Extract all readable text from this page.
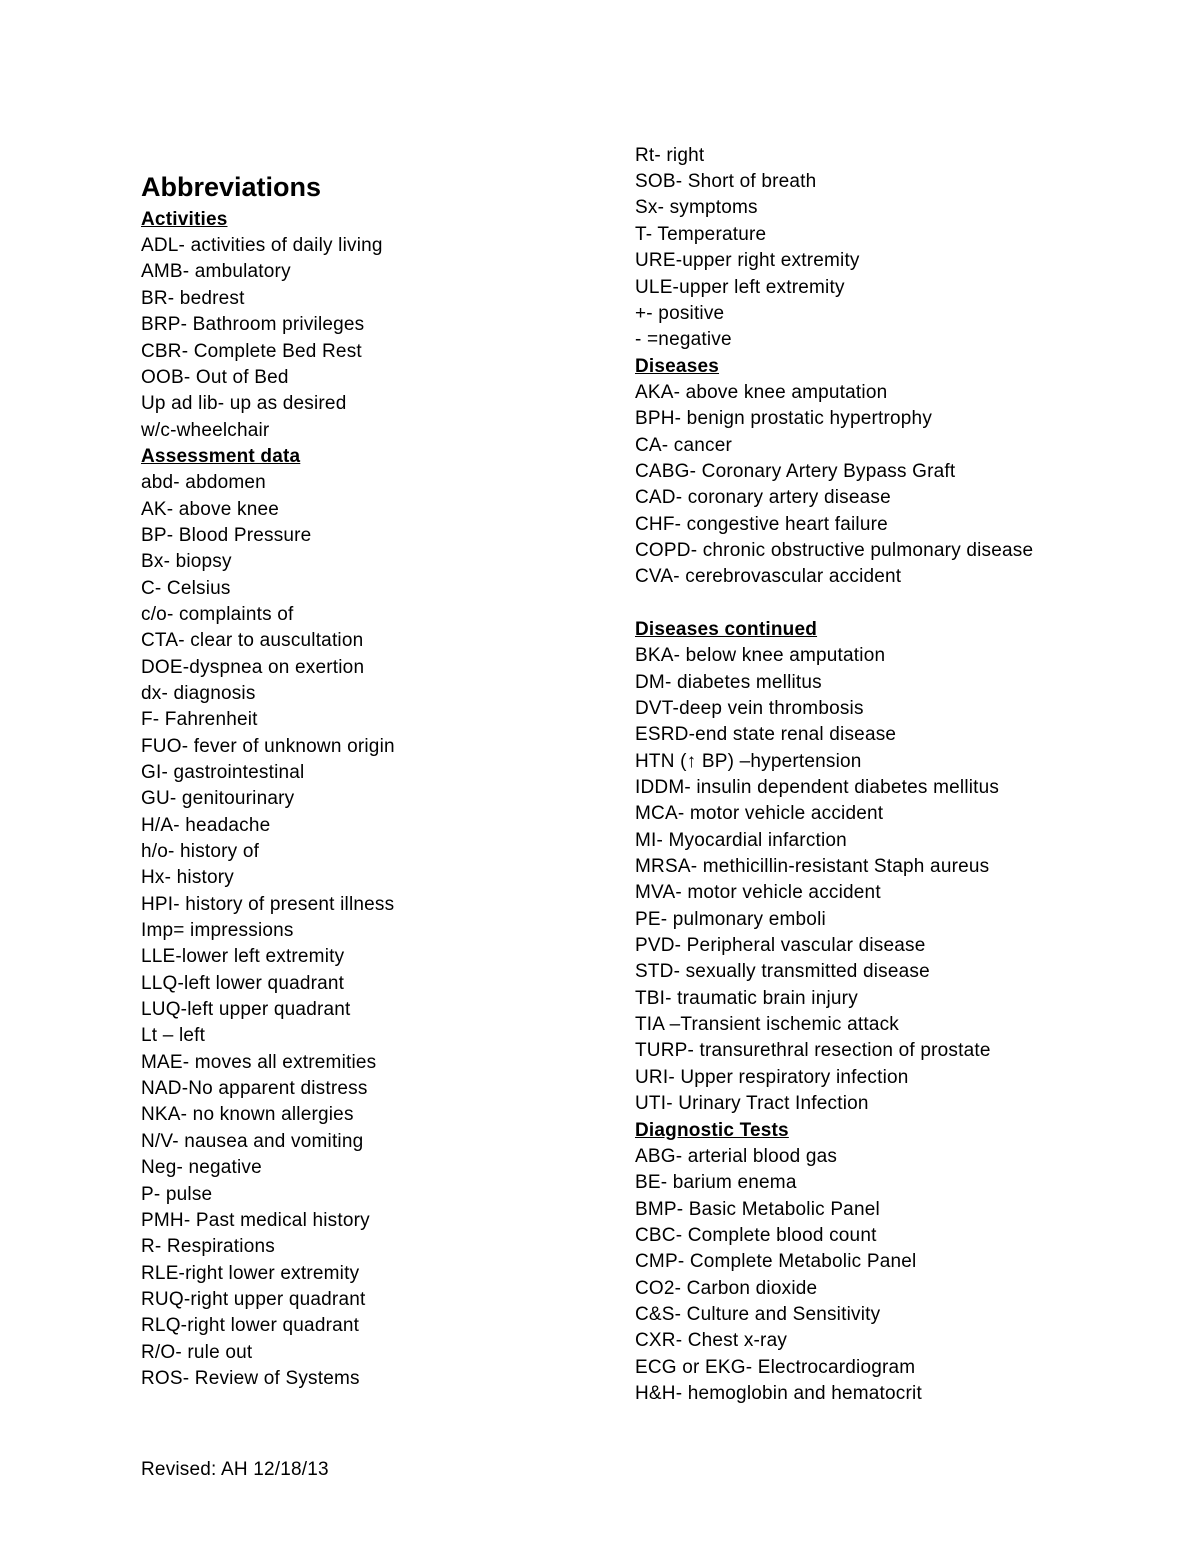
Abbreviations
Activities
ADL- activities of daily living
AMB- ambulatory
BR- bedrest
BRP- Bathroom privileges
CBR- Complete Bed Rest
OOB- Out of Bed
Up ad lib- up as desired
w/c-wheelchair
Assessment data
abd- abdomen
AK- above knee
BP- Blood Pressure
Bx- biopsy
C- Celsius
c/o- complaints of
CTA- clear to auscultation
DOE-dyspnea on exertion
dx- diagnosis
F- Fahrenheit
FUO- fever of unknown origin
GI- gastrointestinal
GU- genitourinary
H/A- headache
h/o- history of
Hx- history
HPI- history of present illness
Imp= impressions
LLE-lower left extremity
LLQ-left lower quadrant
LUQ-left upper quadrant
Lt – left
MAE- moves all extremities
NAD-No apparent distress
NKA- no known allergies
N/V- nausea and vomiting
Neg- negative
P- pulse
PMH- Past medical history
R- Respirations
RLE-right lower extremity
RUQ-right upper quadrant
RLQ-right lower quadrant
R/O- rule out
ROS- Review of Systems
Rt- right
SOB- Short of breath
Sx- symptoms
T- Temperature
URE-upper right extremity
ULE-upper left extremity
+- positive
- =negative
Diseases
AKA- above knee amputation
BPH- benign prostatic hypertrophy
CA- cancer
CABG- Coronary Artery Bypass Graft
CAD- coronary artery disease
CHF- congestive heart failure
COPD- chronic obstructive pulmonary disease
CVA- cerebrovascular accident
Diseases continued
BKA- below knee amputation
DM- diabetes mellitus
DVT-deep vein thrombosis
ESRD-end state renal disease
HTN (↑ BP) –hypertension
IDDM- insulin dependent diabetes mellitus
MCA- motor vehicle accident
MI- Myocardial infarction
MRSA- methicillin-resistant Staph aureus
MVA- motor vehicle accident
PE- pulmonary emboli
PVD- Peripheral vascular disease
STD- sexually transmitted disease
TBI- traumatic brain injury
TIA –Transient ischemic attack
TURP- transurethral resection of prostate
URI- Upper respiratory infection
UTI- Urinary Tract Infection
Diagnostic Tests
ABG- arterial blood gas
BE- barium enema
BMP- Basic Metabolic Panel
CBC- Complete blood count
CMP- Complete Metabolic Panel
CO2- Carbon dioxide
C&S- Culture and Sensitivity
CXR- Chest x-ray
ECG or EKG- Electrocardiogram
H&H- hemoglobin and hematocrit
Revised: AH 12/18/13
